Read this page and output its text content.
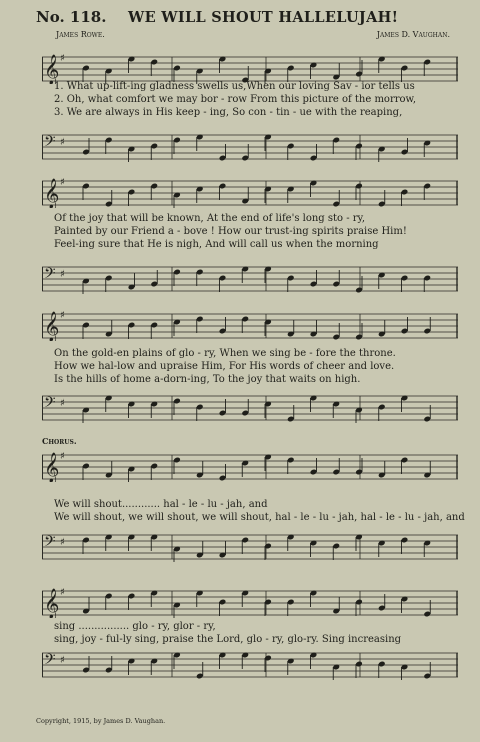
No. 118. WE WILL SHOUT HALLELUJAH!
James Rowe.	James D. Vaughan.
𝄞 ♯
1. What up-lift-ing gladness swells us,When our loving Sav - ior tells us
2. Oh, what comfort we may bor - row From this picture of the morrow,
3. We are always in His keep - ing, So con - tin - ue with the reaping,
𝄢 ♯
𝄞 ♯
Of the joy that will be known, At the end of life's long sto - ry,
Painted by our Friend a - bove ! How our trust-ing spirits praise Him!
Feel-ing sure that He is nigh, And will call us when the morning
𝄢 ♯
𝄞 ♯
On the gold-en plains of glo - ry, When we sing be - fore the throne.
How we hal-low and upraise Him, For His words of cheer and love.
Is the hills of home a-dorn-ing, To the joy that waits on high.
𝄢 ♯
Chorus.
𝄞 ♯
We will shout............ hal - le - lu - jah, and
We will shout, we will shout, we will shout, hal - le - lu - jah, hal - le - lu - jah, and
𝄢 ♯
𝄞 ♯
sing ................ glo - ry, glor - ry,
sing, joy - ful-ly sing, praise the Lord, glo - ry, glo-ry. Sing increasing
𝄢 ♯
Copyright, 1915, by James D. Vaughan.
